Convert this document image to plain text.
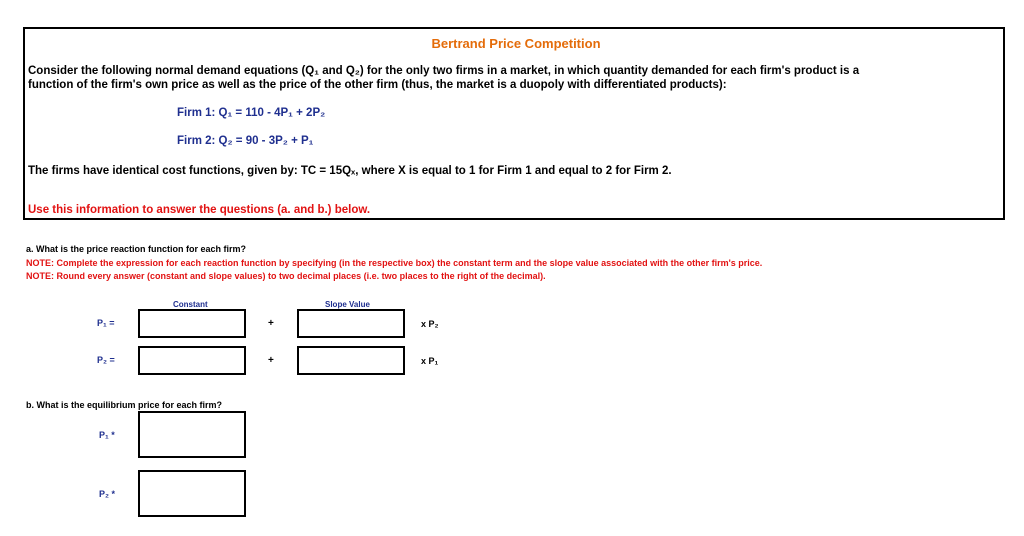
Bertrand Price Competition
Consider the following normal demand equations (Q₁ and Q₂) for the only two firms in a market, in which quantity demanded for each firm's product is a
function of the firm's own price as well as the price of the other firm (thus, the market is a duopoly with differentiated products):
Firm 1: Q₁ = 110 - 4P₁ + 2P₂
Firm 2: Q₂ = 90 - 3P₂ + P₁
The firms have identical cost functions, given by: TC = 15Qₓ, where X is equal to 1 for Firm 1 and equal to 2 for Firm 2.
Use this information to answer the questions (a. and b.) below.
a. What is the price reaction function for each firm?
NOTE: Complete the expression for each reaction function by specifying (in the respective box) the constant term and the slope value associated with the other firm's price.
NOTE: Round every answer (constant and slope values) to two decimal places (i.e. two places to the right of the decimal).
Constant	Slope Value
P₁ =	+	x P₂
P₂ =	+	x P₁
b. What is the equilibrium price for each firm?
P₁ *
P₂ *
